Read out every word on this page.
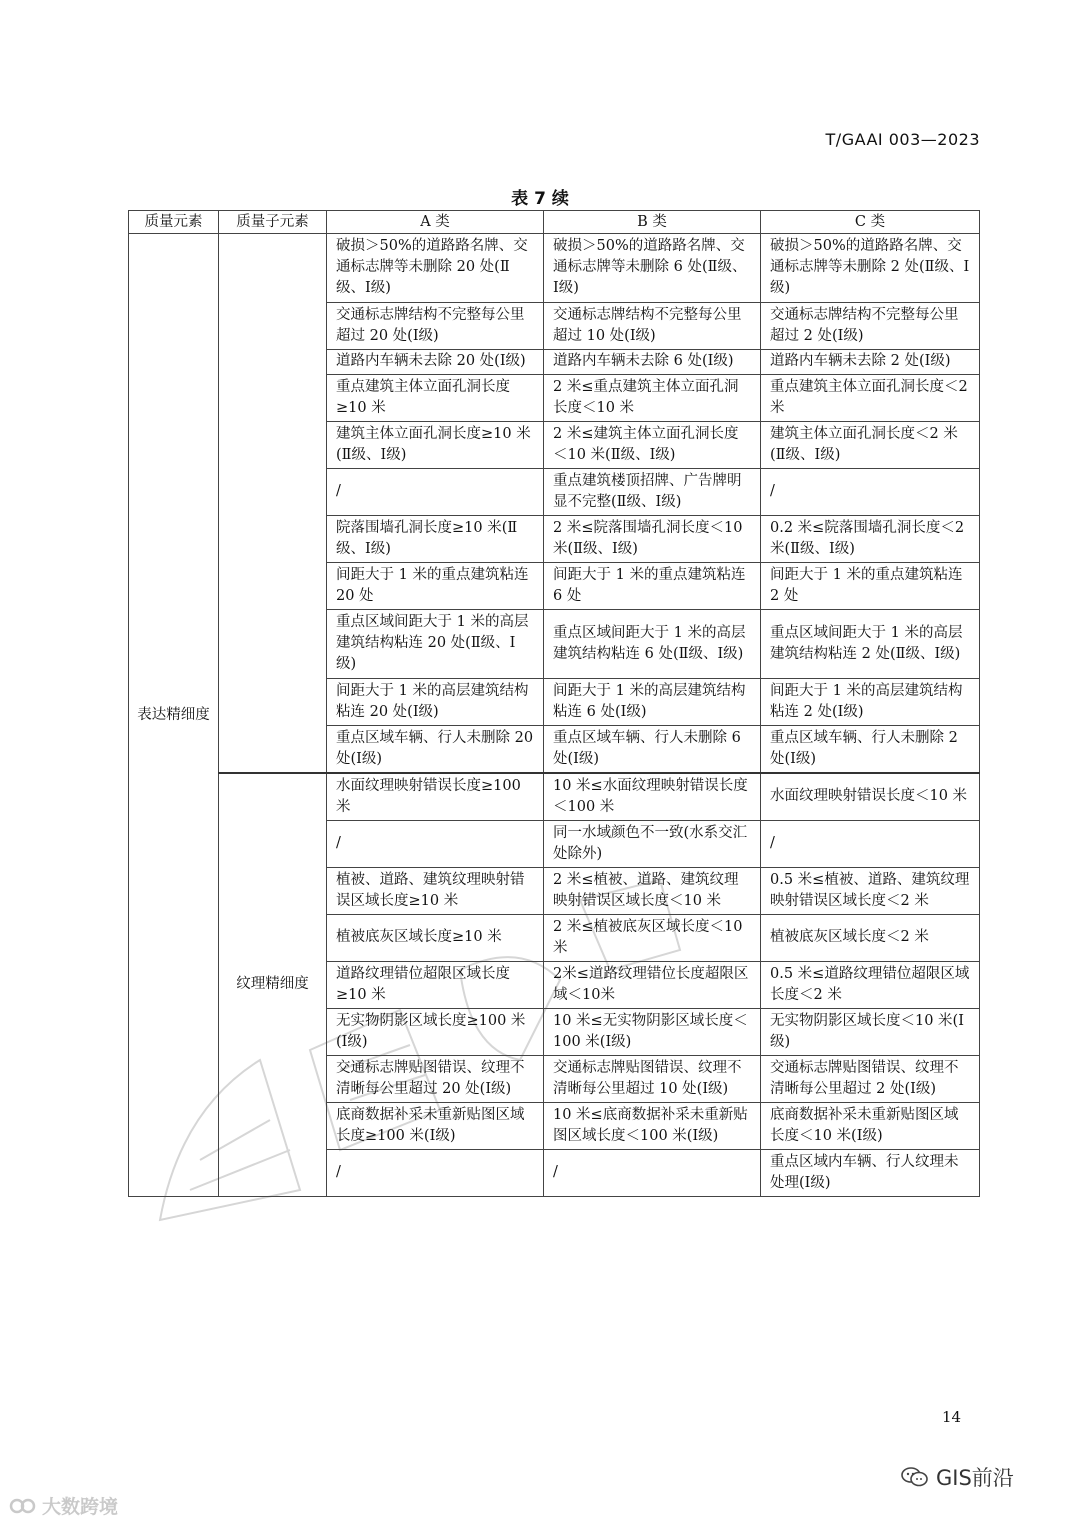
T/GAAI 003—2023
表 7 续
质量元素	质量子元素	A 类	B 类	C 类
表达精细度		破损＞50%的道路路名牌、交通标志牌等未删除 20 处(Ⅱ级、Ⅰ级)	破损＞50%的道路路名牌、交通标志牌等未删除 6 处(Ⅱ级、Ⅰ级)	破损＞50%的道路路名牌、交通标志牌等未删除 2 处(Ⅱ级、Ⅰ级)
		交通标志牌结构不完整每公里超过 20 处(Ⅰ级)	交通标志牌结构不完整每公里超过 10 处(Ⅰ级)	交通标志牌结构不完整每公里超过 2 处(Ⅰ级)
		道路内车辆未去除 20 处(Ⅰ级)	道路内车辆未去除 6 处(Ⅰ级)	道路内车辆未去除 2 处(Ⅰ级)
		重点建筑主体立面孔洞长度≥10 米	2 米≤重点建筑主体立面孔洞长度＜10 米	重点建筑主体立面孔洞长度＜2 米
		建筑主体立面孔洞长度≥10 米(Ⅱ级、Ⅰ级)	2 米≤建筑主体立面孔洞长度＜10 米(Ⅱ级、Ⅰ级)	建筑主体立面孔洞长度＜2 米(Ⅱ级、Ⅰ级)
		/	重点建筑楼顶招牌、广告牌明显不完整(Ⅱ级、Ⅰ级)	/
		院落围墙孔洞长度≥10 米(Ⅱ级、Ⅰ级)	2 米≤院落围墙孔洞长度＜10 米(Ⅱ级、Ⅰ级)	0.2 米≤院落围墙孔洞长度＜2 米(Ⅱ级、Ⅰ级)
		间距大于 1 米的重点建筑粘连 20 处	间距大于 1 米的重点建筑粘连 6 处	间距大于 1 米的重点建筑粘连 2 处
		重点区域间距大于 1 米的高层建筑结构粘连 20 处(Ⅱ级、Ⅰ级)	重点区域间距大于 1 米的高层建筑结构粘连 6 处(Ⅱ级、Ⅰ级)	重点区域间距大于 1 米的高层建筑结构粘连 2 处(Ⅱ级、Ⅰ级)
		间距大于 1 米的高层建筑结构粘连 20 处(Ⅰ级)	间距大于 1 米的高层建筑结构粘连 6 处(Ⅰ级)	间距大于 1 米的高层建筑结构粘连 2 处(Ⅰ级)
		重点区域车辆、行人未删除 20 处(Ⅰ级)	重点区域车辆、行人未删除 6 处(Ⅰ级)	重点区域车辆、行人未删除 2 处(Ⅰ级)
	纹理精细度	水面纹理映射错误长度≥100 米	10 米≤水面纹理映射错误长度＜100 米	水面纹理映射错误长度＜10 米
		/	同一水域颜色不一致(水系交汇处除外)	/
		植被、道路、建筑纹理映射错误区域长度≥10 米	2 米≤植被、道路、建筑纹理映射错误区域长度＜10 米	0.5 米≤植被、道路、建筑纹理映射错误区域长度＜2 米
		植被底灰区域长度≥10 米	2 米≤植被底灰区域长度＜10 米	植被底灰区域长度＜2 米
		道路纹理错位超限区域长度≥10 米	2米≤道路纹理错位长度超限区域＜10米	0.5 米≤道路纹理错位超限区域长度＜2 米
		无实物阴影区域长度≥100 米(Ⅰ级)	10 米≤无实物阴影区域长度＜100 米(Ⅰ级)	无实物阴影区域长度＜10 米(Ⅰ级)
		交通标志牌贴图错误、纹理不清晰每公里超过 20 处(Ⅰ级)	交通标志牌贴图错误、纹理不清晰每公里超过 10 处(Ⅰ级)	交通标志牌贴图错误、纹理不清晰每公里超过 2 处(Ⅰ级)
		底商数据补采未重新贴图区域长度≥100 米(Ⅰ级)	10 米≤底商数据补采未重新贴图区域长度＜100 米(Ⅰ级)	底商数据补采未重新贴图区域长度＜10 米(Ⅰ级)
		/	/	重点区域内车辆、行人纹理未处理(Ⅰ级)
14
GIS前沿
大数跨境
